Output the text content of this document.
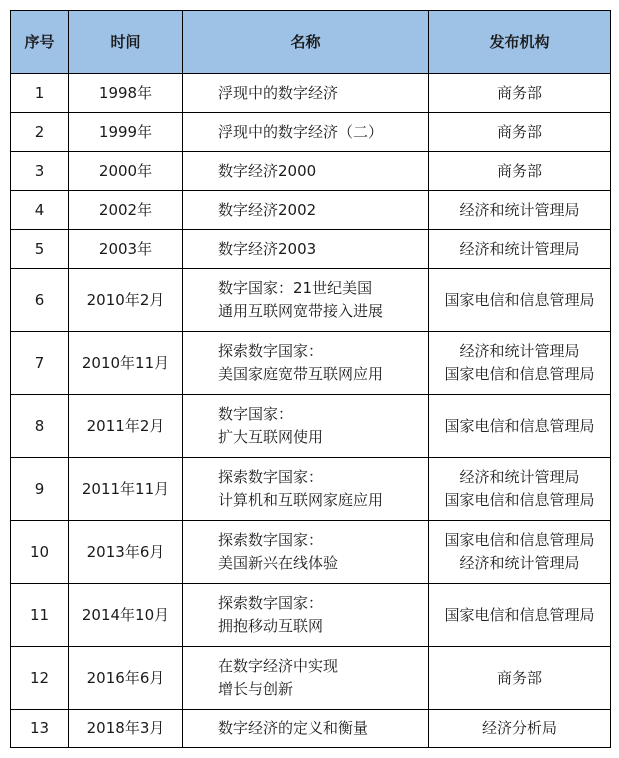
序号	时间	名称	发布机构
1	1998年	浮现中的数字经济	商务部

2	1999年	浮现中的数字经济（二）	商务部

3	2000年	数字经济2000	商务部

4	2002年	数字经济2002	经济和统计管理局

5	2003年	数字经济2003	经济和统计管理局

6	2010年2月	数字国家：21世纪美国
通用互联网宽带接入进展	国家电信和信息管理局

7	2010年11月	探索数字国家：
美国家庭宽带互联网应用	经济和统计管理局
国家电信和信息管理局

8	2011年2月	数字国家：
扩大互联网使用	国家电信和信息管理局

9	2011年11月	探索数字国家：
计算机和互联网家庭应用	经济和统计管理局
国家电信和信息管理局

10	2013年6月	探索数字国家：
美国新兴在线体验	国家电信和信息管理局
经济和统计管理局

11	2014年10月	探索数字国家：
拥抱移动互联网	国家电信和信息管理局

12	2016年6月	在数字经济中实现
增长与创新	商务部

13	2018年3月	数字经济的定义和衡量	经济分析局
